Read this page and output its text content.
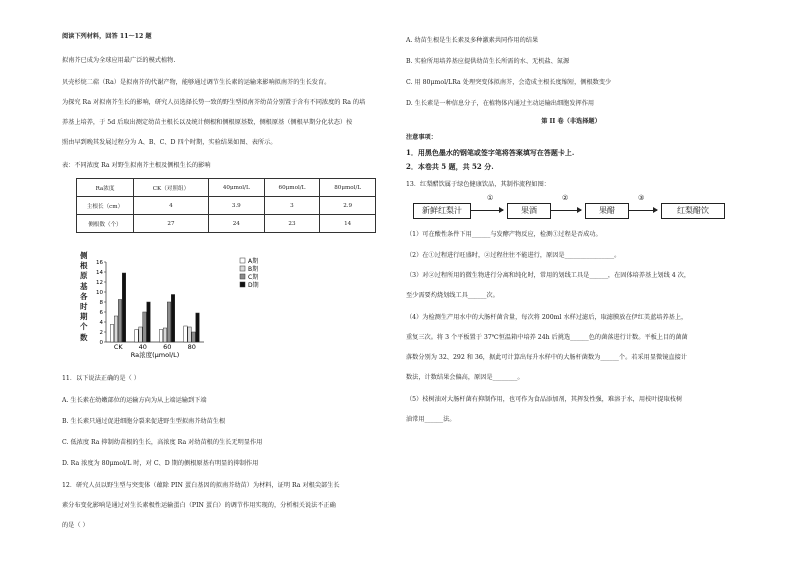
阅读下列材料，回答 11～12 题
拟南芥已成为全球应用最广泛的模式植物.
贝壳杉烷二萜（Ra）是拟南芥的代谢产物，能够通过调节生长素的运输来影响拟南芥的生长发育。
为探究 Ra 对拟南芥生长的影响，研究人员选择长势一致的野生型拟南芥幼苗分别置于含有不同浓度的 Ra 的培
养基上培养，于 5d 后取出测定幼苗主根长以及统计侧根和侧根原基数，侧根原基（侧根早期分化状态）按
照由早到晚其发展过程分为 A、B、C、D 四个时期，实验结果如图、表所示。
表：不同浓度 Ra 对野生拟南芥主根及侧根生长的影响
Ra浓度	CK（对照组）	40μmol/L	60μmol/L	80μmol/L
主根长（cm）	4	3.9	3	2.9
侧根数（个）	27	24	23	14
侧根原基各时期个数
0
2
4
6
8
10
12
14
16
CK 40 60 80
Ra浓度(μmol/L)
A期
B期
C期
D期
11．以下说法正确的是（ ）
A. 生长素在幼嫩部位的运输方向为从上端运输到下端
B. 生长素只通过促进细胞分裂来促进野生型拟南芥幼苗生根
C. 低浓度 Ra 抑制幼苗根的生长，高浓度 Ra 对幼苗根的生长无明显作用
D. Ra 浓度为 80μmol/L 时，对 C、D 期的侧根原基有明显的抑制作用
12．研究人员以野生型与突变体（蕴除 PIN 蛋白基因的拟南芥幼苗）为材料，证明 Ra 对根尖部生长
素分布变化影响是通过对生长素极性运输蛋白（PIN 蛋白）的调节作用实现的，分析相关说法不正确
的是（ ）
A. 幼苗生根是生长素及多种激素共同作用的结果
B. 实验所用培养基应提供幼苗生长所需的水、无机盐、氮源
C. 用 80μmol/LRa 处理突变体拟南芥，会造成主根长度缩短，侧根数变少
D. 生长素是一种信息分子，在植物体内通过主动运输出细胞发挥作用
第 II 卷（非选择题）
注意事项：
1．用黑色墨水的钢笔或签字笔将答案填写在答题卡上.
2．本卷共 5 题，共 52 分.
13．红梨醋饮属于绿色健康饮品，其制作流程如图：
新鲜红梨汁
①
果酒
②
果醋
③
红梨醋饮
（1）可在酸性条件下用______与发酵产物反应，检测①过程是否成功。
（2）在①过程进行旺盛时，②过程往往不能进行，原因是________________。
（3）对②过程所用的微生物进行分离和纯化时，常用的划线工具是______，在固体培养基上划线 4 次，
至少需要灼烧划线工具______次。
（4）为检测生产用水中的大肠杆菌含量，每次将 200ml 水样过滤后，取滤膜放在伊红美蓝培养基上，
重复三次。将 3 个平板置于 37℃恒温箱中培养 24h 后挑选______色的菌落进行计数。平板上目的菌菌
落数分别为 32、292 和 36，据此可计算出每升水样中的大肠杆菌数为______个。若采用显微镜直接计
数法，计数结果会偏高，原因是________。
（5）枝树油对大肠杆菌有抑制作用，也可作为食品添加剂，其挥发性强，难溶于水，用枝叶提取枝树
油常用______法。
